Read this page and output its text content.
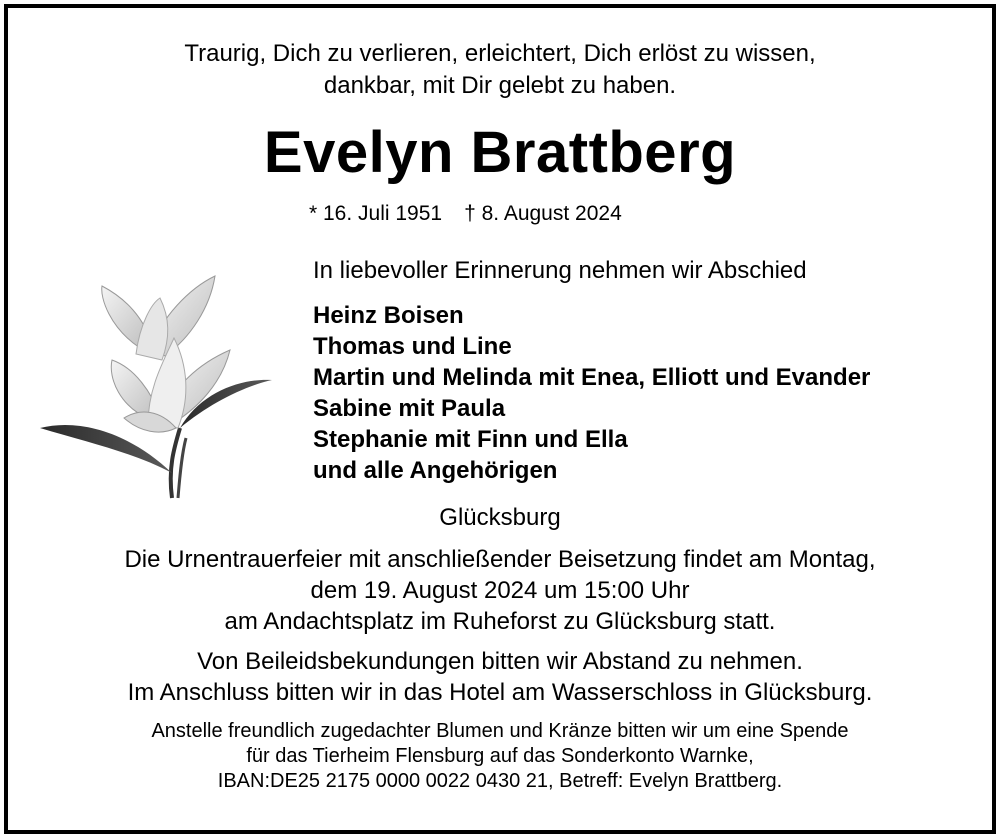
Traurig, Dich zu verlieren, erleichtert, Dich erlöst zu wissen,
dankbar, mit Dir gelebt zu haben.
Evelyn Brattberg
* 16. Juli 1951 † 8. August 2024
In liebevoller Erinnerung nehmen wir Abschied
Heinz Boisen
Thomas und Line
Martin und Melinda mit Enea, Elliott und Evander
Sabine mit Paula
Stephanie mit Finn und Ella
und alle Angehörigen
Glücksburg
Die Urnentrauerfeier mit anschließender Beisetzung findet am Montag,
dem 19. August 2024 um 15:00 Uhr
am Andachtsplatz im Ruheforst zu Glücksburg statt.
Von Beileidsbekundungen bitten wir Abstand zu nehmen.
Im Anschluss bitten wir in das Hotel am Wasserschloss in Glücksburg.
Anstelle freundlich zugedachter Blumen und Kränze bitten wir um eine Spende
für das Tierheim Flensburg auf das Sonderkonto Warnke,
IBAN:DE25 2175 0000 0022 0430 21, Betreff: Evelyn Brattberg.
